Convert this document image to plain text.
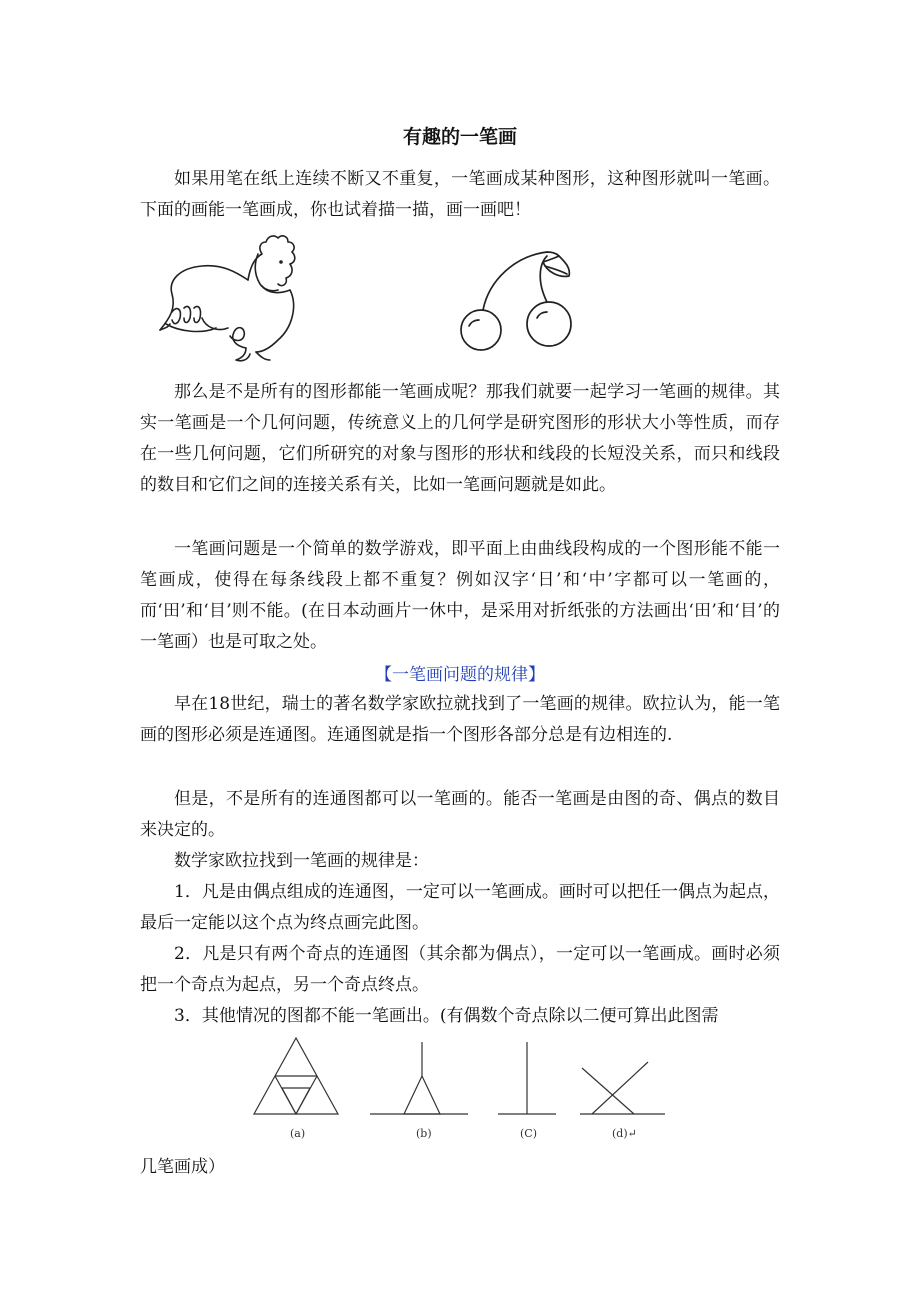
有趣的一笔画

如果用笔在纸上连续不断又不重复，一笔画成某种图形，这种图形就叫一笔画。下面的画能一笔画成，你也试着描一描，画一画吧！

那么是不是所有的图形都能一笔画成呢？那我们就要一起学习一笔画的规律。其实一笔画是一个几何问题，传统意义上的几何学是研究图形的形状大小等性质，而存在一些几何问题，它们所研究的对象与图形的形状和线段的长短没关系，而只和线段的数目和它们之间的连接关系有关，比如一笔画问题就是如此。

一笔画问题是一个简单的数学游戏，即平面上由曲线段构成的一个图形能不能一笔画成，使得在每条线段上都不重复？例如汉字‘日’和‘中’字都可以一笔画的，而‘田’和‘目’则不能。(在日本动画片一休中，是采用对折纸张的方法画出‘田’和‘目’的一笔画）也是可取之处。

【一笔画问题的规律】

早在18世纪，瑞士的著名数学家欧拉就找到了一笔画的规律。欧拉认为，能一笔画的图形必须是连通图。连通图就是指一个图形各部分总是有边相连的.

但是，不是所有的连通图都可以一笔画的。能否一笔画是由图的奇、偶点的数目来决定的。

数学家欧拉找到一笔画的规律是：

1．凡是由偶点组成的连通图，一定可以一笔画成。画时可以把任一偶点为起点，最后一定能以这个点为终点画完此图。

2．凡是只有两个奇点的连通图（其余都为偶点），一定可以一笔画成。画时必须把一个奇点为起点，另一个奇点终点。

3．其他情况的图都不能一笔画出。(有偶数个奇点除以二便可算出此图需

(a)	(b)	(C)	(d)↵

几笔画成）
